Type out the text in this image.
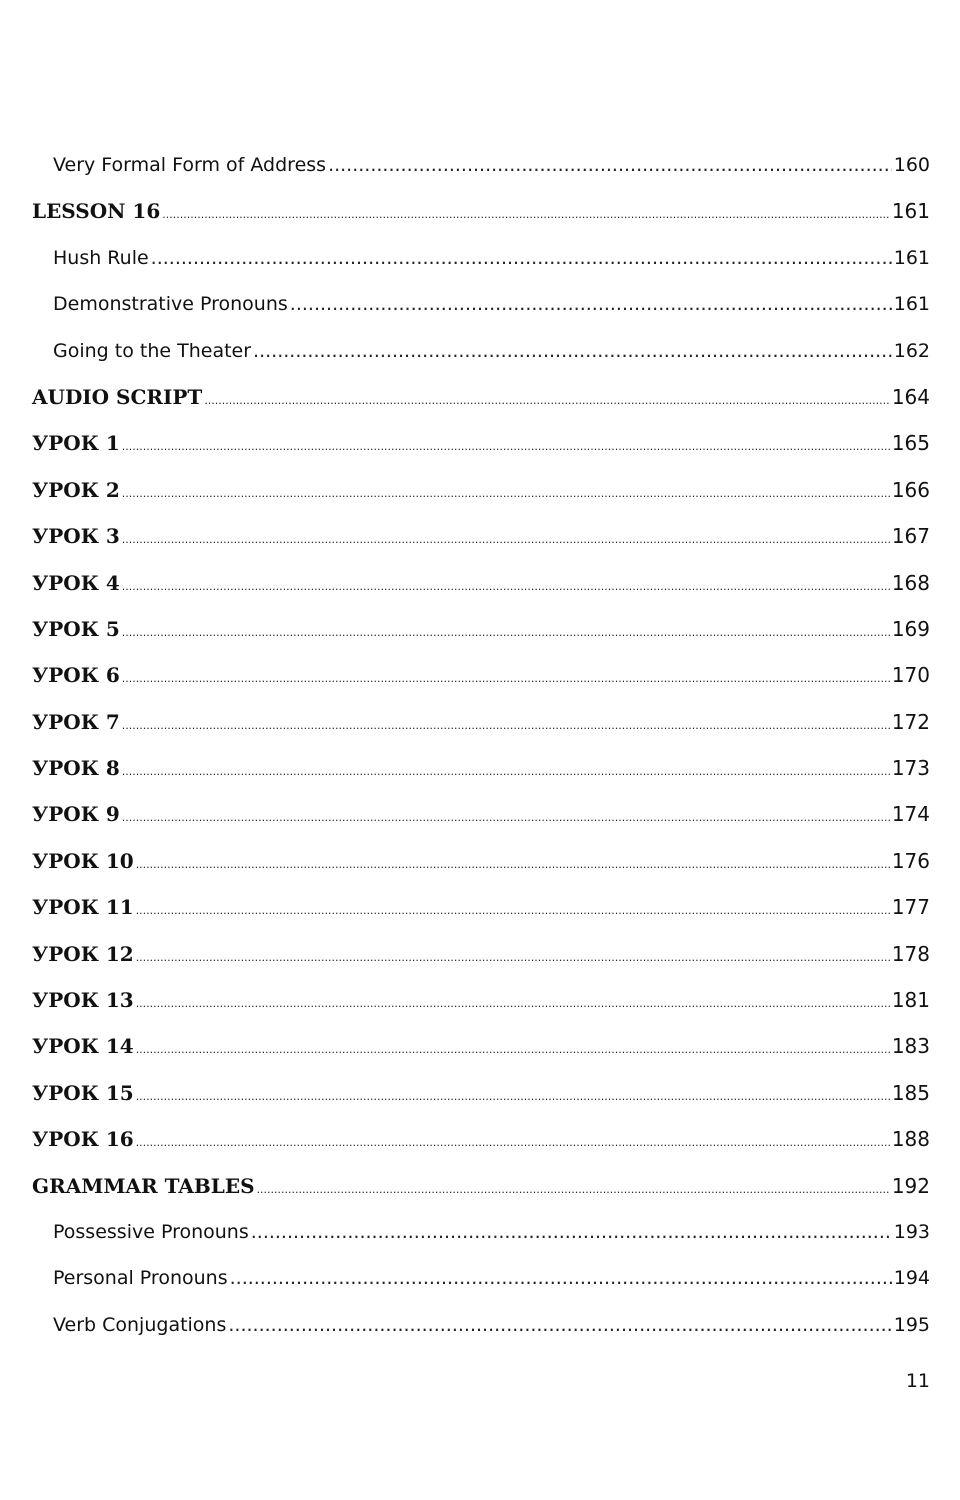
Very Formal Form of Address .....	160
LESSON 16 .....	161
Hush Rule .....	161
Demonstrative Pronouns .....	161
Going to the Theater .....	162
AUDIO SCRIPT .....	164
УРОК 1 .....	165
УРОК 2 .....	166
УРОК 3 .....	167
УРОК 4 .....	168
УРОК 5 .....	169
УРОК 6 .....	170
УРОК 7 .....	172
УРОК 8 .....	173
УРОК 9 .....	174
УРОК 10 .....	176
УРОК 11 .....	177
УРОК 12 .....	178
УРОК 13 .....	181
УРОК 14 .....	183
УРОК 15 .....	185
УРОК 16 .....	188
GRAMMAR TABLES .....	192
Possessive Pronouns .....	193
Personal Pronouns .....	194
Verb Conjugations .....	195
11
